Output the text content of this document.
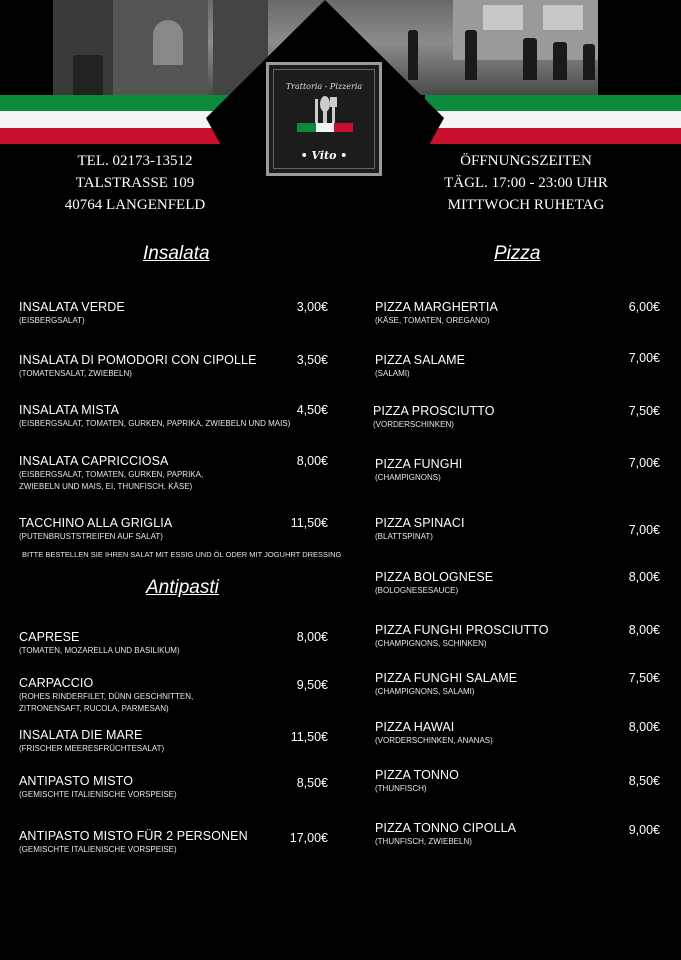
Trattoria - Pizzeria
• Vito •
TEL. 02173-13512
TALSTRASSE 109
40764 LANGENFELD
ÖFFNUNGSZEITEN
TÄGL. 17:00 - 23:00 UHR
MITTWOCH RUHETAG
Insalata
Antipasti
Pizza
INSALATA VERDE
(EISBERGSALAT)
3,00€
INSALATA DI POMODORI CON CIPOLLE
(TOMATENSALAT, ZWIEBELN)
3,50€
INSALATA MISTA
(EISBERGSALAT, TOMATEN, GURKEN, PAPRIKA, ZWIEBELN UND MAIS)
4,50€
INSALATA CAPRICCIOSA
(EISBERGSALAT, TOMATEN, GURKEN, PAPRIKA,
ZWIEBELN UND MAIS, EI, THUNFISCH, KÄSE)
8,00€
TACCHINO ALLA GRIGLIA
(PUTENBRUSTSTREIFEN AUF SALAT)
11,50€
BITTE BESTELLEN SIE IHREN SALAT MIT ESSIG UND ÖL ODER MIT JOGUHRT DRESSING
CAPRESE
(TOMATEN, MOZARELLA UND BASILIKUM)
8,00€
CARPACCIO
(ROHES RINDERFILET, DÜNN GESCHNITTEN,
ZITRONENSAFT, RUCOLA, PARMESAN)
9,50€
INSALATA DIE MARE
(FRISCHER MEERESFRÜCHTESALAT)
11,50€
ANTIPASTO MISTO
(GEMISCHTE ITALIENISCHE VORSPEISE)
8,50€
ANTIPASTO MISTO FÜR 2 PERSONEN
(GEMISCHTE ITALIENISCHE VORSPEISE)
17,00€
PIZZA MARGHERTIA
(KÄSE, TOMATEN, OREGANO)
6,00€
PIZZA SALAME
(SALAMI)
7,00€
PIZZA PROSCIUTTO
(VORDERSCHINKEN)
7,50€
PIZZA FUNGHI
(CHAMPIGNONS)
7,00€
PIZZA SPINACI
(BLATTSPINAT)	7,00€
PIZZA BOLOGNESE
(BOLOGNESESAUCE)
8,00€
PIZZA FUNGHI PROSCIUTTO
(CHAMPIGNONS, SCHINKEN)
8,00€
PIZZA FUNGHI SALAME
(CHAMPIGNONS, SALAMI)
7,50€
PIZZA HAWAI
(VORDERSCHINKEN, ANANAS)
8,00€
PIZZA TONNO
(THUNFISCH)
8,50€
PIZZA TONNO CIPOLLA
(THUNFISCH, ZWIEBELN)
9,00€
